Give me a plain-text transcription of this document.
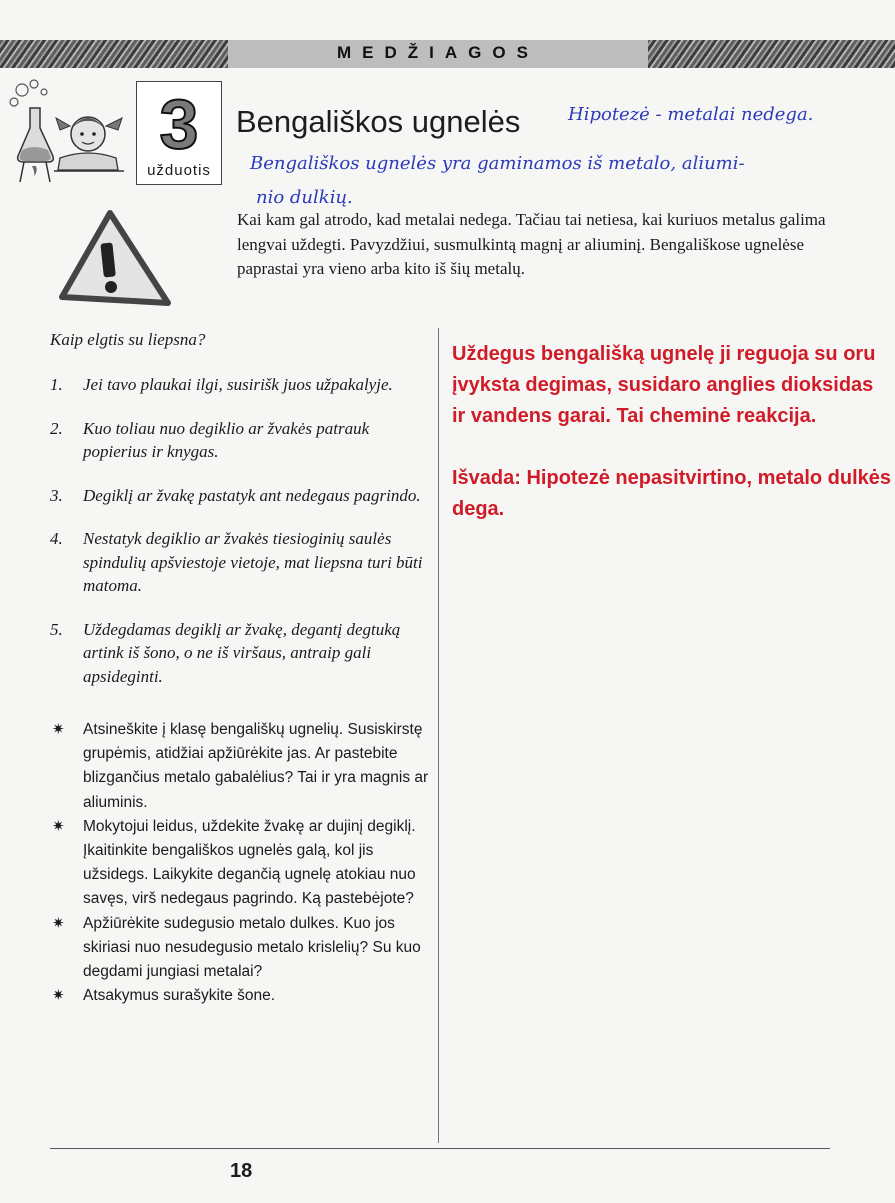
MEDŽIAGOS
3
užduotis
Bengališkos ugnelės	Hipotezė - metalai nedega.
Bengališkos ugnelės yra gaminamos iš metalo, aliumi-
nio dulkių.
Kai kam gal atrodo, kad metalai nedega. Tačiau tai netiesa, kai kuriuos metalus galima lengvai uždegti. Pavyzdžiui, susmulkintą magnį ar aliuminį. Bengališkose ugnelėse paprastai yra vieno arba kito iš šių metalų.
Kaip elgtis su liepsna?
1. Jei tavo plaukai ilgi, susirišk juos užpakalyje.
2. Kuo toliau nuo degiklio ar žvakės patrauk popierius ir knygas.
3. Degiklį ar žvakę pastatyk ant nedegaus pagrindo.
4. Nestatyk degiklio ar žvakės tiesioginių saulės spindulių apšviestoje vietoje, mat liepsna turi būti matoma.
5. Uždegdamas degiklį ar žvakę, degantį degtuką artink iš šono, o ne iš viršaus, antraip gali apsideginti.
✷ Atsineškite į klasę bengališkų ugnelių. Susiskirstę grupėmis, atidžiai apžiūrėkite jas. Ar pastebite blizgančius metalo gabalėlius? Tai ir yra magnis ar aliuminis.
✷ Mokytojui leidus, uždekite žvakę ar dujinį degiklį. Įkaitinkite bengališkos ugnelės galą, kol jis užsidegs. Laikykite degančią ugnelę atokiau nuo savęs, virš nedegaus pagrindo. Ką pastebėjote?
✷ Apžiūrėkite sudegusio metalo dulkes. Kuo jos skiriasi nuo nesudegusio metalo krislelių? Su kuo degdami jungiasi metalai?
✷ Atsakymus surašykite šone.

Uždegus bengališką ugnelę ji reguoja su oru įvyksta degimas, susidaro anglies dioksidas ir vandens garai. Tai cheminė reakcija.

Išvada: Hipotezė nepasitvirtino, metalo dulkės dega.

18
